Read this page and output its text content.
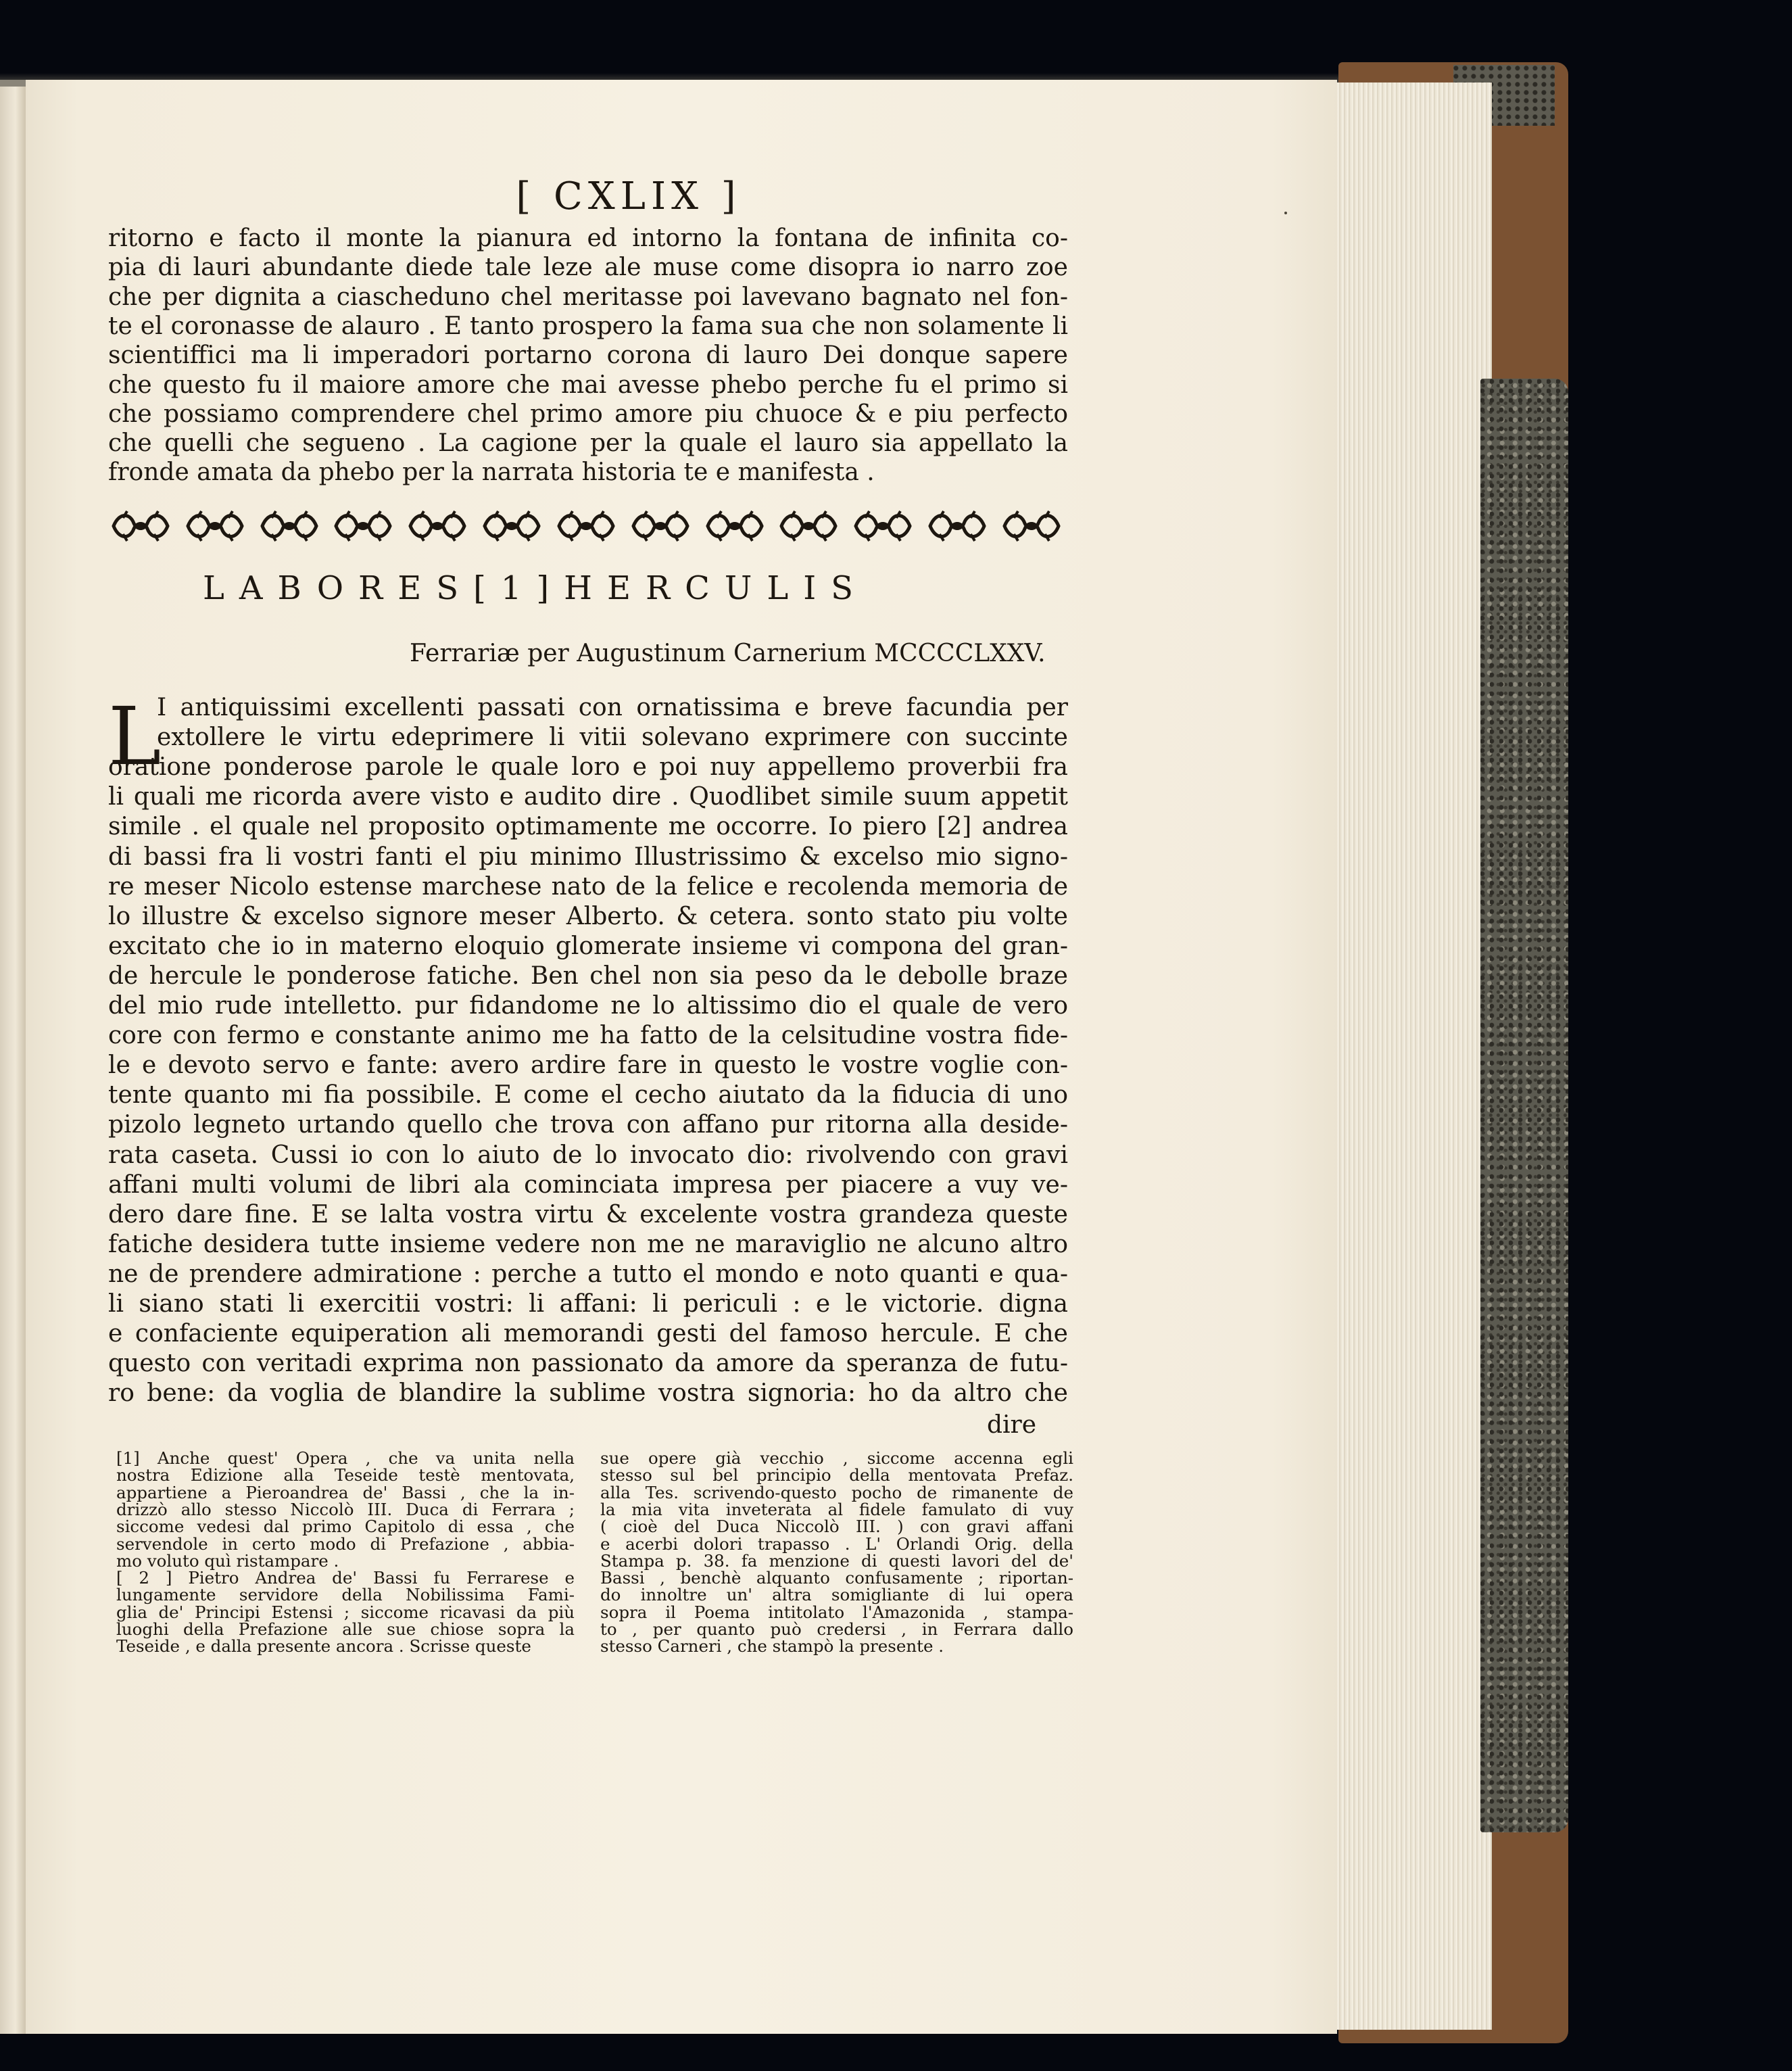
[ CXLIX ]
ritorno e facto il monte la pianura ed intorno la fontana de infinita co-
pia di lauri abundante diede tale leze ale muse come disopra io narro zoe
che per dignita a ciascheduno chel meritasse poi lavevano bagnato nel fon-
te el coronasse de alauro . E tanto prospero la fama sua che non solamente li
scientiffici ma li imperadori portarno corona di lauro Dei donque sapere
che questo fu il maiore amore che mai avesse phebo perche fu el primo si
che possiamo comprendere chel primo amore piu chuoce & e piu perfecto
che quelli che segueno . La cagione per la quale el lauro sia appellato la
fronde amata da phebo per la narrata historia te e manifesta .
LABORES[1]HERCULIS
Ferrariæ per Augustinum Carnerium MCCCCLXXV.
L
I antiquissimi excellenti passati con ornatissima e breve facundia per
extollere le virtu edeprimere li vitii solevano exprimere con succinte
oratione ponderose parole le quale loro e poi nuy appellemo proverbii fra
li quali me ricorda avere visto e audito dire . Quodlibet simile suum appetit
simile . el quale nel proposito optimamente me occorre. Io piero [2] andrea
di bassi fra li vostri fanti el piu minimo Illustrissimo & excelso mio signo-
re meser Nicolo estense marchese nato de la felice e recolenda memoria de
lo illustre & excelso signore meser Alberto. & cetera. sonto stato piu volte
excitato che io in materno eloquio glomerate insieme vi compona del gran-
de hercule le ponderose fatiche. Ben chel non sia peso da le debolle braze
del mio rude intelletto. pur fidandome ne lo altissimo dio el quale de vero
core con fermo e constante animo me ha fatto de la celsitudine vostra fide-
le e devoto servo e fante: avero ardire fare in questo le vostre voglie con-
tente quanto mi fia possibile. E come el cecho aiutato da la fiducia di uno
pizolo legneto urtando quello che trova con affano pur ritorna alla deside-
rata caseta. Cussi io con lo aiuto de lo invocato dio: rivolvendo con gravi
affani multi volumi de libri ala cominciata impresa per piacere a vuy ve-
dero dare fine. E se lalta vostra virtu & excelente vostra grandeza queste
fatiche desidera tutte insieme vedere non me ne maraviglio ne alcuno altro
ne de prendere admiratione : perche a tutto el mondo e noto quanti e qua-
li siano stati li exercitii vostri: li affani: li periculi : e le victorie. digna
e confaciente equiperation ali memorandi gesti del famoso hercule. E che
questo con veritadi exprima non passionato da amore da speranza de futu-
ro bene: da voglia de blandire la sublime vostra signoria: ho da altro che
dire
[1] Anche quest' Opera , che va unita nella
nostra Edizione alla Teseide testè mentovata,
appartiene a Pieroandrea de' Bassi , che la in-
drizzò allo stesso Niccolò III. Duca di Ferrara ;
siccome vedesi dal primo Capitolo di essa , che
servendole in certo modo di Prefazione , abbia-
mo voluto quì ristampare .
[ 2 ] Pietro Andrea de' Bassi fu Ferrarese e
lungamente servidore della Nobilissima Fami-
glia de' Principi Estensi ; siccome ricavasi da più
luoghi della Prefazione alle sue chiose sopra la
Teseide , e dalla presente ancora . Scrisse queste
sue opere già vecchio , siccome accenna egli
stesso sul bel principio della mentovata Prefaz.
alla Tes. scrivendo-questo pocho de rimanente de
la mia vita inveterata al fidele famulato di vuy
( cioè del Duca Niccolò III. ) con gravi affani
e acerbi dolori trapasso . L' Orlandi Orig. della
Stampa p. 38. fa menzione di questi lavori del de'
Bassi , benchè alquanto confusamente ; riportan-
do innoltre un' altra somigliante di lui opera
sopra il Poema intitolato l'Amazonida , stampa-
to , per quanto può credersi , in Ferrara dallo
stesso Carneri , che stampò la presente .
